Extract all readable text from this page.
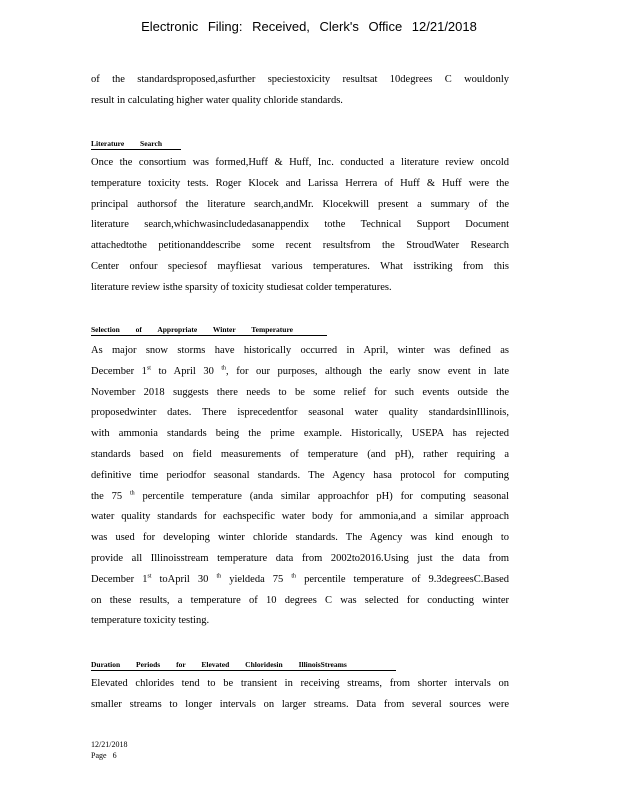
Electronic Filing: Received, Clerk's Office 12/21/2018
of the standardsproposed,asfurther speciestoxicity resultsat 10degrees C wouldonly
result in calculating higher water quality chloride standards.
Literature Search
Once the consortium was formed,Huff & Huff, Inc. conducted a literature review oncold
temperature toxicity tests. Roger Klocek and Larissa Herrera of Huff & Huff were the
principal authorsof the literature search,andMr. Klocekwill present a summary of the
literature search,whichwasincludedasanappendix tothe Technical Support Document
attachedtothe petitionanddescribe some recent resultsfrom the StroudWater Research
Center onfour speciesof mayfliesat various temperatures. What isstriking from this
literature review isthe sparsity of toxicity studiesat colder temperatures.
Selection of Appropriate Winter Temperature
As major snow storms have historically occurred in April, winter was defined as
December 1st to April 30 $^{th}$, for our purposes, although the early snow event in late
November 2018 suggests there needs to be some relief for such events outside the
proposedwinter dates. There isprecedentfor seasonal water quality standardsinIllinois,
with ammonia standards being the prime example. Historically, USEPA has rejected
standards based on field measurements of temperature (and pH), rather requiring a
definitive time periodfor seasonal standards. The Agency hasa protocol for computing
the 75 $^{th}$ percentile temperature (anda similar approachfor pH) for computing seasonal
water quality standards for eachspecific water body for ammonia,and a similar approach
was used for developing winter chloride standards. The Agency was kind enough to
provide all Illinoisstream temperature data from 2002to2016.Using just the data from
December 1st toApril 30 $^{th}$ yieldeda 75 $^{th}$ percentile temperature of 9.3degreesC.Based
on these results, a temperature of 10 degrees C was selected for conducting winter
temperature toxicity testing.
Duration Periods for Elevated Chloridesin IllinoisStreams
Elevated chlorides tend to be transient in receiving streams, from shorter intervals on
smaller streams to longer intervals on larger streams. Data from several sources were
12/21/2018
Page 6
